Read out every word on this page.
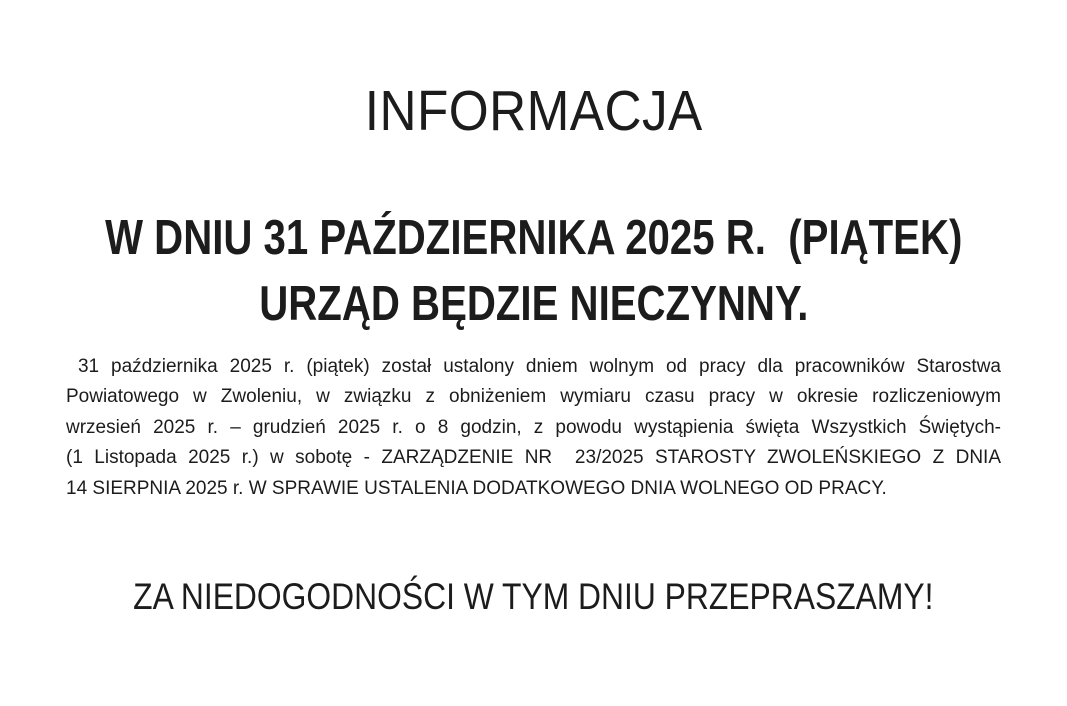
INFORMACJA
W DNIU 31 PAŹDZIERNIKA 2025 R.  (PIĄTEK)
URZĄD BĘDZIE NIECZYNNY.
31 października 2025 r. (piątek) został ustalony dniem wolnym od pracy dla pracowników Starostwa
Powiatowego w Zwoleniu, w związku z obniżeniem wymiaru czasu pracy w okresie rozliczeniowym
wrzesień 2025 r. – grudzień 2025 r. o 8 godzin, z powodu wystąpienia święta Wszystkich Świętych-
(1 Listopada 2025 r.) w sobotę - ZARZĄDZENIE NR  23/2025 STAROSTY ZWOLEŃSKIEGO Z DNIA
14 SIERPNIA 2025 r. W SPRAWIE USTALENIA DODATKOWEGO DNIA WOLNEGO OD PRACY.
ZA NIEDOGODNOŚCI W TYM DNIU PRZEPRASZAMY!
